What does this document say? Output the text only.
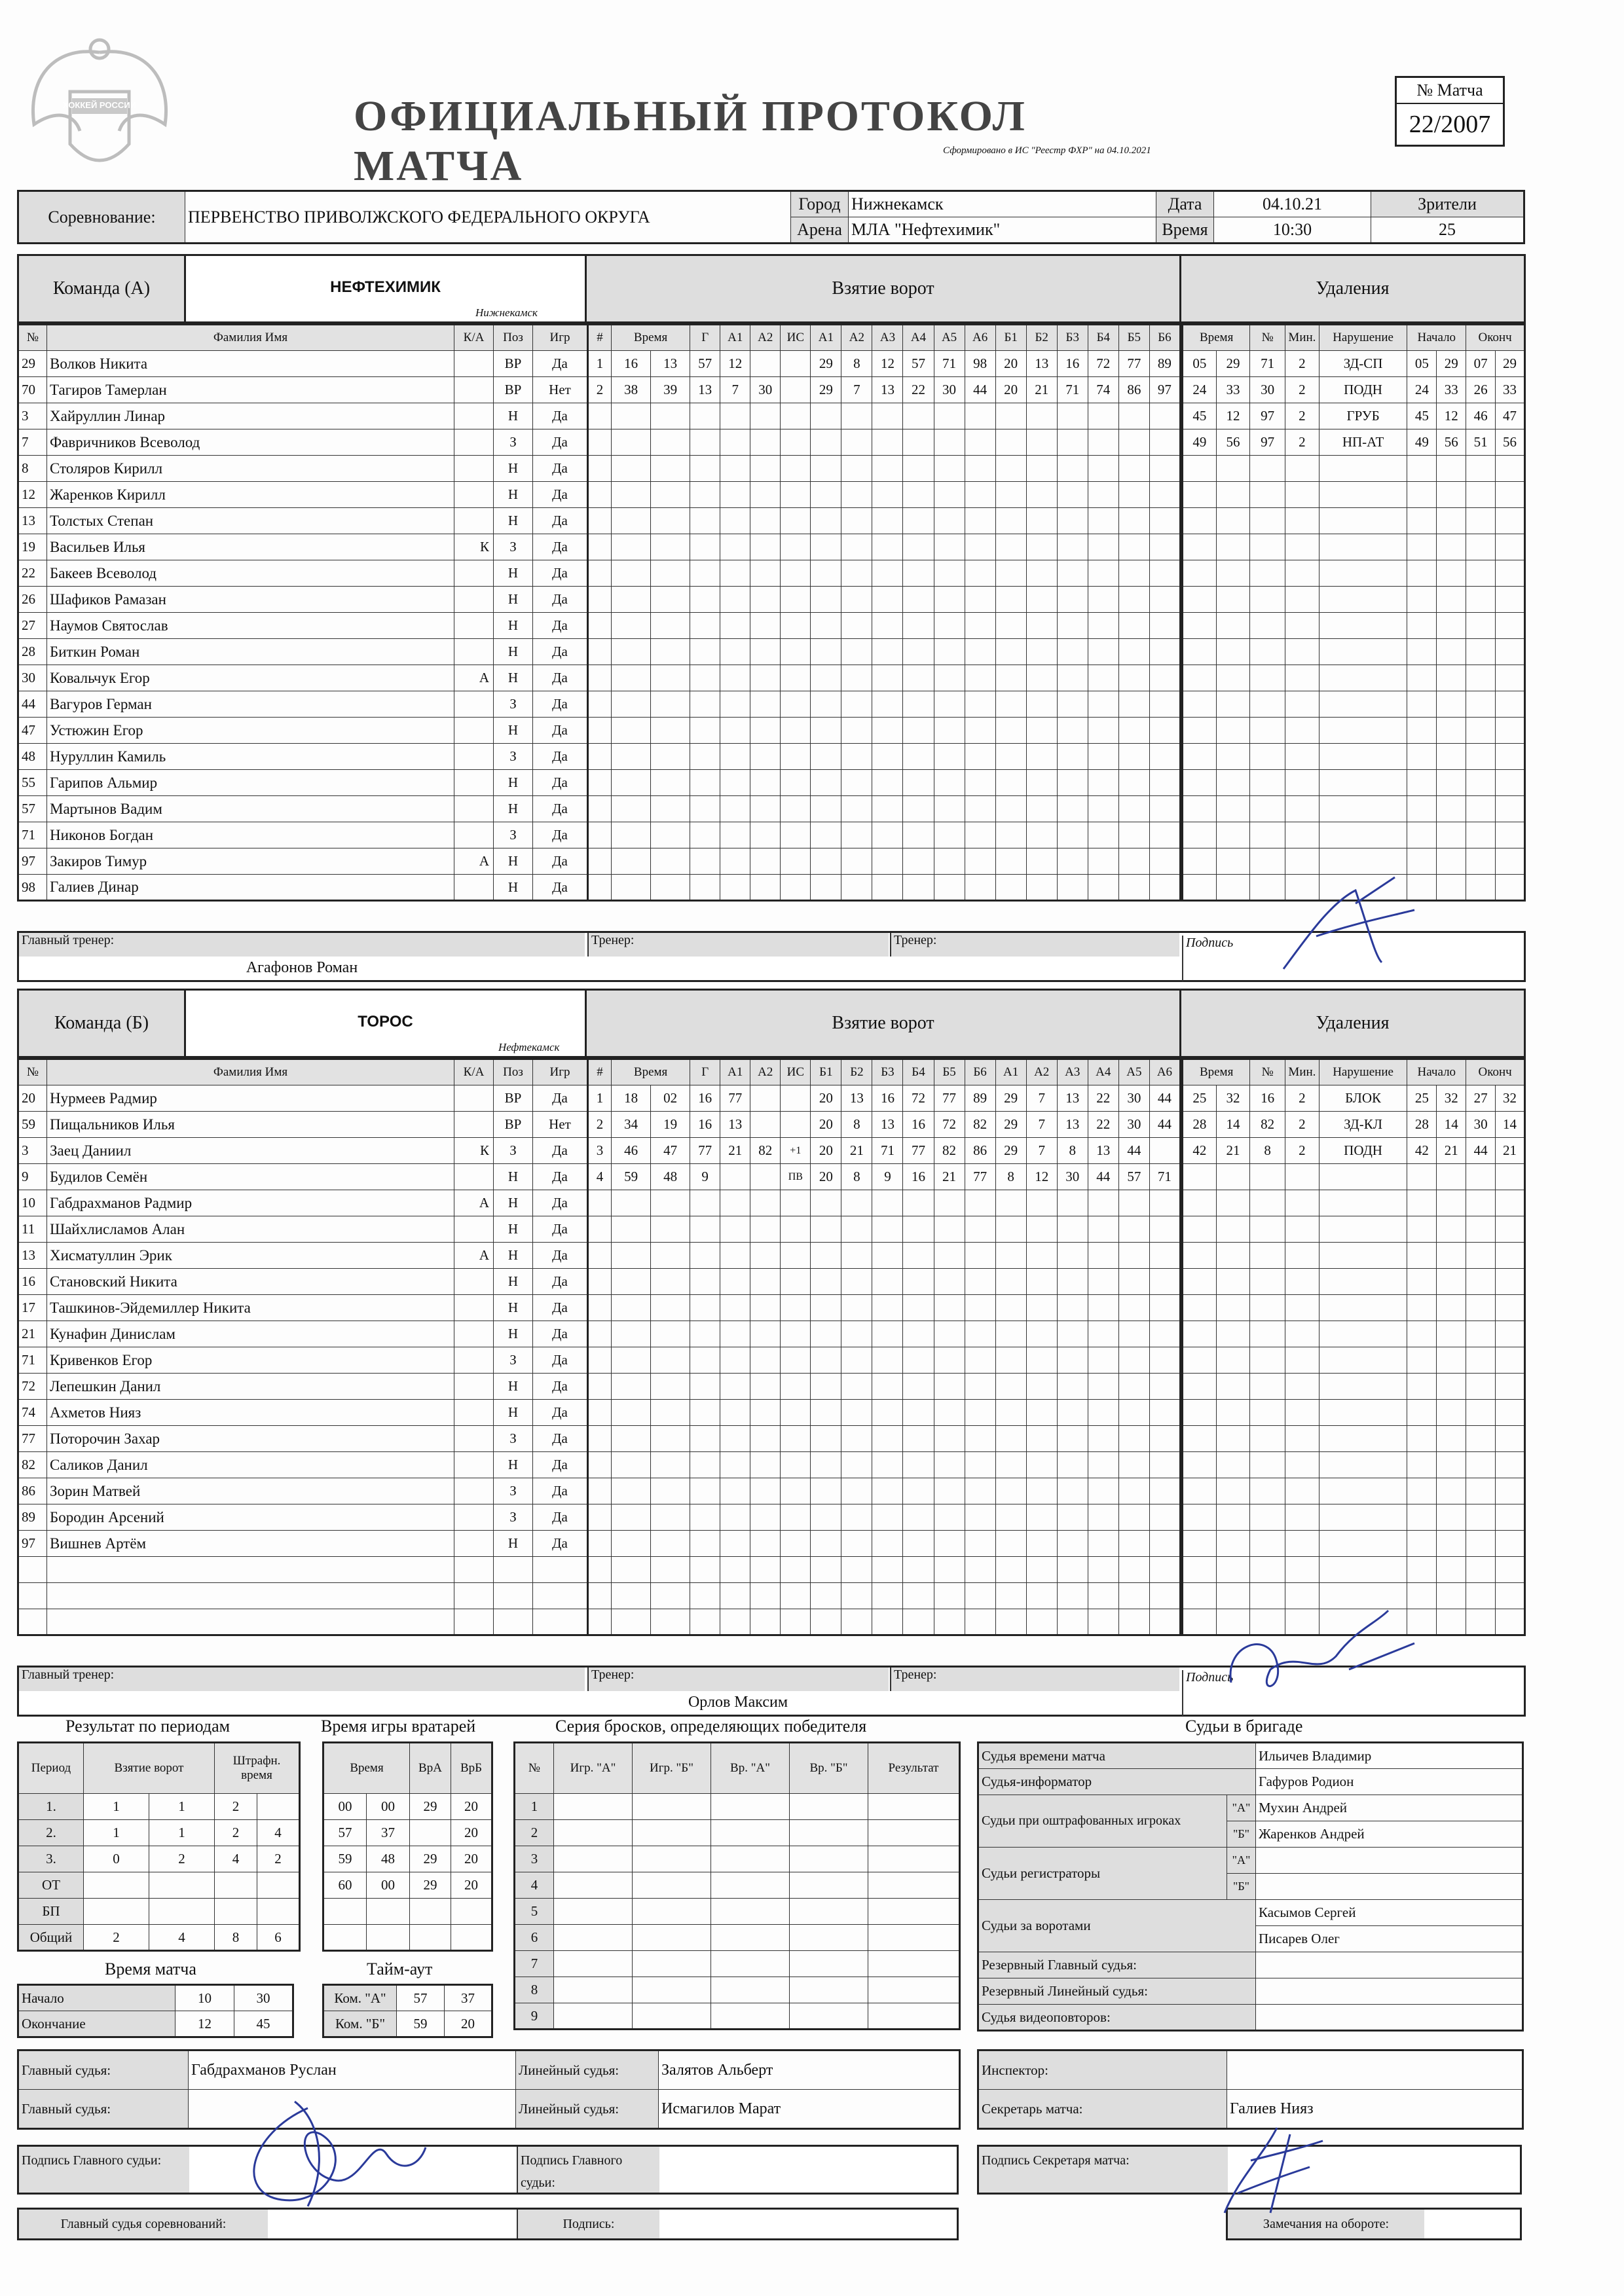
ХОККЕЙ РОССИИ	ОФИЦИАЛЬНЫЙ ПРОТОКОЛ МАТЧА	Сформировано в ИС "Реестр ФХР" на 04.10.2021
№ Матча
22/2007
Соревнование:	ПЕРВЕНСТВО ПРИВОЛЖСКОГО ФЕДЕРАЛЬНОГО ОКРУГА	Город	Нижнекамск	Дата	04.10.21	Зрители
		Арена	МЛА "Нефтехимик"	Время	10:30	25
Команда (А)	НЕФТЕХИМИК
Нижнекамск
Взятие ворот	Удаления
№	Фамилия Имя	К/А	Поз	Игр
29	Волков Никита		ВР	Да
70	Тагиров Тамерлан		ВР	Нет
3	Хайруллин Линар		Н	Да
7	Фавричников Всеволод		З	Да
8	Столяров Кирилл		Н	Да
12	Жаренков Кирилл		Н	Да
13	Толстых Степан		Н	Да
19	Васильев Илья	К	З	Да
22	Бакеев Всеволод		Н	Да
26	Шафиков Рамазан		Н	Да
27	Наумов Святослав		Н	Да
28	Биткин Роман		Н	Да
30	Ковальчук Егор	А	Н	Да
44	Вагуров Герман		З	Да
47	Устюжин Егор		Н	Да
48	Нуруллин Камиль		З	Да
55	Гарипов Альмир		Н	Да
57	Мартынов Вадим		Н	Да
71	Никонов Богдан		З	Да
97	Закиров Тимур	А	Н	Да
98	Галиев Динар		Н	Да
#	Время		Г	А1	А2	ИС	А1	А2	А3	А4	А5	А6	Б1	Б2	Б3	Б4	Б5	Б6
1	16	13	57	12			29	8	12	57	71	98	20	13	16	72	77	89
2	38	39	13	7	30		29	7	13	22	30	44	20	21	71	74	86	97

Время		№	Мин.	Нарушение	Начало		Оконч	
05	29	71	2	ЗД-СП	05	29	07	29
24	33	30	2	ПОДН	24	33	26	33
45	12	97	2	ГРУБ	45	12	46	47
49	56	97	2	НП-АТ	49	56	51	56

Главный тренер:
Агафонов Роман
Тренер:	Тренер:	Подпись
Команда (Б)	ТОРОС
Нефтекамск
Взятие ворот	Удаления
№	Фамилия Имя	К/А	Поз	Игр
20	Нурмеев Радмир		ВР	Да
59	Пищальников Илья		ВР	Нет
3	Заец Даниил	К	З	Да
9	Будилов Семён		Н	Да
10	Габдрахманов Радмир	А	Н	Да
11	Шайхлисламов Алан		Н	Да
13	Хисматуллин Эрик	А	Н	Да
16	Становский Никита		Н	Да
17	Ташкинов-Эйдемиллер Никита		Н	Да
21	Кунафин Динислам		Н	Да
71	Кривенков Егор		З	Да
72	Лепешкин Данил		Н	Да
74	Ахметов Нияз		Н	Да
77	Поторочин Захар		З	Да
82	Саликов Данил		Н	Да
86	Зорин Матвей		З	Да
89	Бородин Арсений		З	Да
97	Вишнев Артём		Н	Да

#	Время		Г	А1	А2	ИС	Б1	Б2	Б3	Б4	Б5	Б6	А1	А2	А3	А4	А5	А6
1	18	02	16	77			20	13	16	72	77	89	29	7	13	22	30	44
2	34	19	16	13			20	8	13	16	72	82	29	7	13	22	30	44
3	46	47	77	21	82	+1	20	21	71	77	82	86	29	7	8	13	44	
4	59	48	9			ПВ	20	8	9	16	21	77	8	12	30	44	57	71

Время		№	Мин.	Нарушение	Начало		Оконч	
25	32	16	2	БЛОК	25	32	27	32
28	14	82	2	ЗД-КЛ	28	14	30	14
42	21	8	2	ПОДН	42	21	44	21

Главный тренер:	Тренер:
Орлов Максим
Тренер:	Подпись
Результат по периодам
Период	Взятие ворот		Штрафн. время	
1.	1	1	2	
2.	1	1	2	4
3.	0	2	4	2
ОТ				
БП				
Общий	2	4	8	6
Время игры вратарей
Время		ВрА	ВрБ
00	00	29	20
57	37		20
59	48	29	20
60	00	29	20

Время матча
Начало	10	30
Окончание	12	45
Тайм-аут
Ком. "А"	57	37
Ком. "Б"	59	20
Серия бросков, определяющих победителя
№	Игр. "А"	Игр. "Б"	Вр. "А"	Вр. "Б"	Результат
1					
2					
3					
4					
5					
6					
7					
8					
9					
Судьи в бригаде
Судья времени матча		Ильичев Владимир
Судья-информатор		Гафуров Родион
Судьи при оштрафованных игроках	"А"	Мухин Андрей
	"Б"	Жаренков Андрей
Судьи регистраторы	"А"	
	"Б"	
Судьи за воротами		Касымов Сергей
		Писарев Олег
Резервный Главный судья:		
Резервный Линейный судья:		
Судья видеоповторов:		
Главный судья:	Габдрахманов Руслан	Линейный судья:	Залятов Альберт
Главный судья:		Линейный судья:	Исмагилов Марат
Инспектор:	
Секретарь матча:	Галиев Нияз
Подпись Главного судьи:	Подпись Главного судьи:
Подпись Секретаря матча:
Главный судья соревнований:	Подпись:	Замечания на обороте:
